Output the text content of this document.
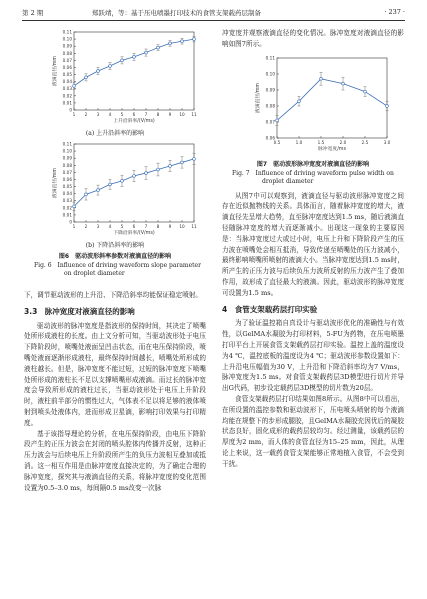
第 2 期	郑跃靖，等：基于压电喷墨打印技术的食管支架载药层制备	· 237 ·
0
0.01
0.02
0.03
0.04
0.05
0.06
0.07
0.08
0.09
0.10
0.11
1 2 3 4 5 6 7 8 9 10 11
上升沿斜率/(V/ms)
液滴直径/mm
(a) 上升沿斜率的影响
0
0.01
0.02
0.03
0.04
0.05
0.06
0.07
0.08
0.09
0.10
0.11
1 2 3 4 5 6 7 8 9 10 11
下降沿斜率/(V/ms)
液滴直径/mm
(b) 下降沿斜率的影响
图6　驱动波形斜率参数对液滴直径的影响
Fig. 6　Influence of driving waveform slope parameter
on droplet diameter

下，调节驱动波形的上升沿、下降沿斜率均能保证稳定喷射。

3.3　脉冲宽度对液滴直径的影响

驱动波形的脉冲宽度是指波形的保持时间，其决定了喷嘴处所形成液柱的长度。由上文分析可知，当驱动波形处于电压下降阶段时，喷嘴处液面呈凹击状态，而在电压保持阶段，喷嘴处液面逐渐形成液柱，最终保持时间越长，喷嘴处所形成的液柱越长。但是，脉冲宽度不能过短，过短的脉冲宽度下喷嘴处所形成的液柱长不足以支撑喷嘴形成液滴。而过长的脉冲宽度会导致所形成的液柱过长，当驱动波形处于电压上升阶段时，液柱前半部分的惯性过大，气体表不足以将足够的液体喷射到喷头处液体内，进而形成卫星滴，影响打印效果与打印精度。

基于该指导理论的分析，在电压保持阶段，由电压下降阶段产生的正压力波会在封闭的喷头腔体内传播并反射，这种正压力波会与后续电压上升阶段所产生的负压力波相互叠加或抵消。这一相互作用是由脉冲宽度直接决定的，为了确定合理的脉冲宽度，探究其与液滴直径的关系，将脉冲宽度的变化范围设置为0.5–3.0 ms，每间隔0.5 ms改变一次脉

冲宽度并观察液滴直径的变化情况。脉冲宽度对液滴直径的影响如图7所示。

0.06
0.07
0.08
0.09
0.10
0.11
0.5	1.0	1.5	2.0	2.5	3.0
脉冲宽度/ms
液滴直径/mm
图7　驱动波形脉冲宽度对液滴直径的影响
Fig. 7　Influence of driving waveform pulse width on
droplet diameter

从图7中可以观察到，液滴直径与驱动波形脉冲宽度之间存在近似抛物线的关系。具体而言，随着脉冲宽度的增大，液滴直径先呈增大趋势，直至脉冲宽度达到1.5 ms，随后液滴直径随脉冲宽度的增大而逐渐减小。出现这一现象的主要原因是：当脉冲宽度过大或过小时，电压上升和下降阶段产生的压力波在喷嘴处会相互抵消，导致传递至喷嘴处的压力波减小，最终影响喷嘴所喷射的液滴大小。当脉冲宽度达到1.5 ms时，所产生的正压力波与后续负压力波所反射的压力波产生了叠加作用，故形成了直径最大的液滴。因此，驱动波形的脉冲宽度可设置为1.5 ms。

4　食管支架载药层打印实验

为了验证温控箱自真设计与驱动波形优化的准确性与有效性，以GelMA水凝胶为打印材料，5-FU为药物，在压电喷墨打印平台上开展食管支架载药层打印实验。温控上盖的温度设为4 ℃，温控底板的温度设为4 ℃；驱动波形参数设置如下：上升沿电压幅值为30 V，上升沿和下降沿斜率均为7 V/ms，脉冲宽度为1.5 ms。对食管支架载药层3D模型进行切片并导出G代码，初步设定载药层3D模型的切片数为20层。

食管支架载药层打印结果如图8所示。从图8中可以看出，在所设置的温控参数和驱动波形下，压电喷头喷射的每个液滴均能在规整下的步形成腿胶，且GelMA水凝胶充因优后的凝胶状态良好，固化成形的载药层较均匀。经过测量，该载药层的厚度为2 mm，而人体的食管直径为15–25 mm，因此，从理论上来说，这一载药食管支架能够正常地植入食管，不会受到干扰。
